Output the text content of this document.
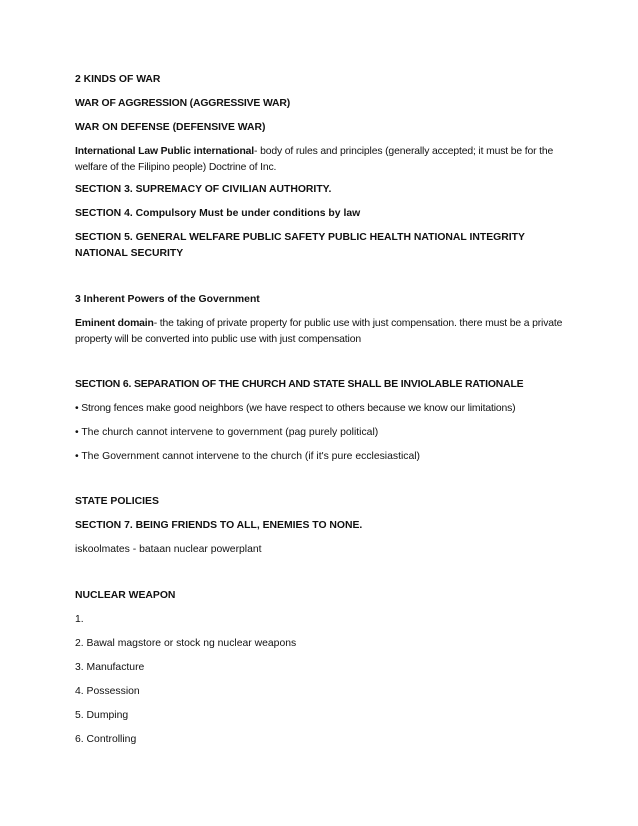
2 KINDS OF WAR
WAR OF AGGRESSION (AGGRESSIVE WAR)
WAR ON DEFENSE (DEFENSIVE WAR)
International Law Public international- body of rules and principles (generally accepted; it must be for the welfare of the Filipino people) Doctrine of Inc.
SECTION 3. SUPREMACY OF CIVILIAN AUTHORITY.
SECTION 4. Compulsory Must be under conditions by law
SECTION 5. GENERAL WELFARE PUBLIC SAFETY PUBLIC HEALTH NATIONAL INTEGRITY NATIONAL SECURITY
3 Inherent Powers of the Government
Eminent domain- the taking of private property for public use with just compensation. there must be a private property will be converted into public use with just compensation
SECTION 6. SEPARATION OF THE CHURCH AND STATE SHALL BE INVIOLABLE RATIONALE
• Strong fences make good neighbors (we have respect to others because we know our limitations)
• The church cannot intervene to government (pag purely political)
• The Government cannot intervene to the church (if it's pure ecclesiastical)
STATE POLICIES
SECTION 7. BEING FRIENDS TO ALL, ENEMIES TO NONE.
iskoolmates - bataan nuclear powerplant
NUCLEAR WEAPON
1.
2. Bawal magstore or stock ng nuclear weapons
3. Manufacture
4. Possession
5. Dumping
6. Controlling
